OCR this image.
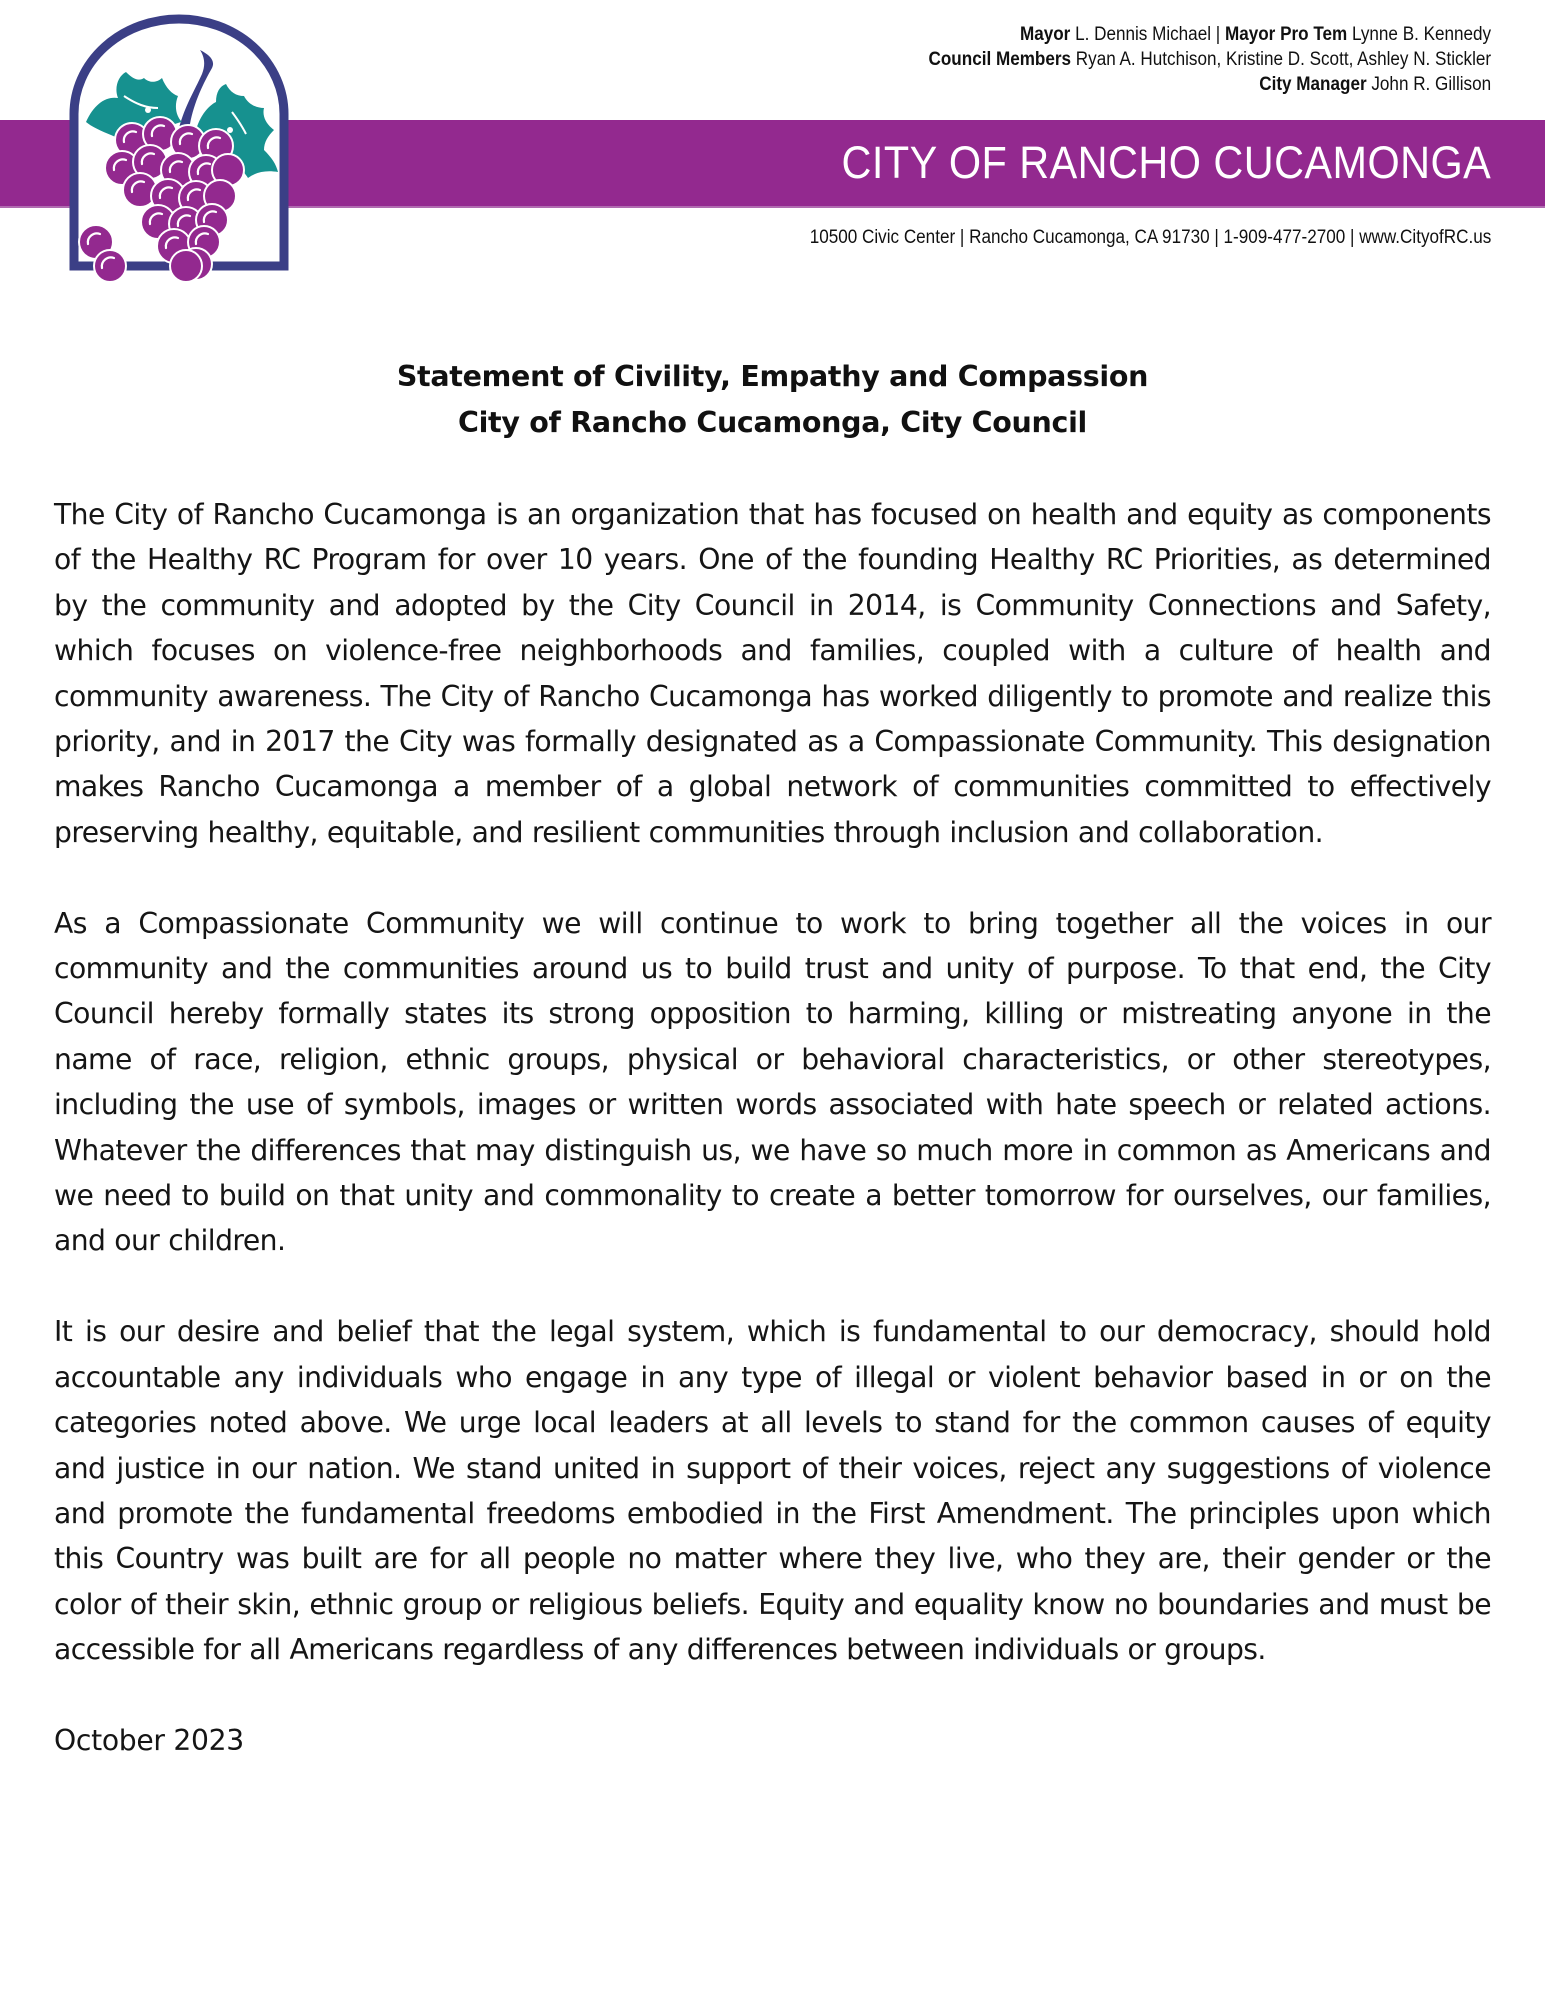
Mayor L. Dennis Michael | Mayor Pro Tem Lynne B. Kennedy
Council Members Ryan A. Hutchison, Kristine D. Scott, Ashley N. Stickler
City Manager John R. Gillison
CITY OF RANCHO CUCAMONGA
10500 Civic Center | Rancho Cucamonga, CA 91730 | 1-909-477-2700 | www.CityofRC.us
Statement of Civility, Empathy and Compassion
City of Rancho Cucamonga, City Council

The City of Rancho Cucamonga is an organization that has focused on health and equity as components of the Healthy RC Program for over 10 years. One of the founding Healthy RC Priorities, as determined by the community and adopted by the City Council in 2014, is Community Connections and Safety, which focuses on violence-free neighborhoods and families, coupled with a culture of health and community awareness. The City of Rancho Cucamonga has worked diligently to promote and realize this priority, and in 2017 the City was formally designated as a Compassionate Community. This designation makes Rancho Cucamonga a member of a global network of communities committed to effectively preserving healthy, equitable, and resilient communities through inclusion and collaboration.

As a Compassionate Community we will continue to work to bring together all the voices in our community and the communities around us to build trust and unity of purpose. To that end, the City Council hereby formally states its strong opposition to harming, killing or mistreating anyone in the name of race, religion, ethnic groups, physical or behavioral characteristics, or other stereotypes, including the use of symbols, images or written words associated with hate speech or related actions. Whatever the differences that may distinguish us, we have so much more in common as Americans and we need to build on that unity and commonality to create a better tomorrow for ourselves, our families, and our children.

It is our desire and belief that the legal system, which is fundamental to our democracy, should hold accountable any individuals who engage in any type of illegal or violent behavior based in or on the categories noted above. We urge local leaders at all levels to stand for the common causes of equity and justice in our nation. We stand united in support of their voices, reject any suggestions of violence and promote the fundamental freedoms embodied in the First Amendment. The principles upon which this Country was built are for all people no matter where they live, who they are, their gender or the color of their skin, ethnic group or religious beliefs. Equity and equality know no boundaries and must be accessible for all Americans regardless of any differences between individuals or groups.

October 2023
